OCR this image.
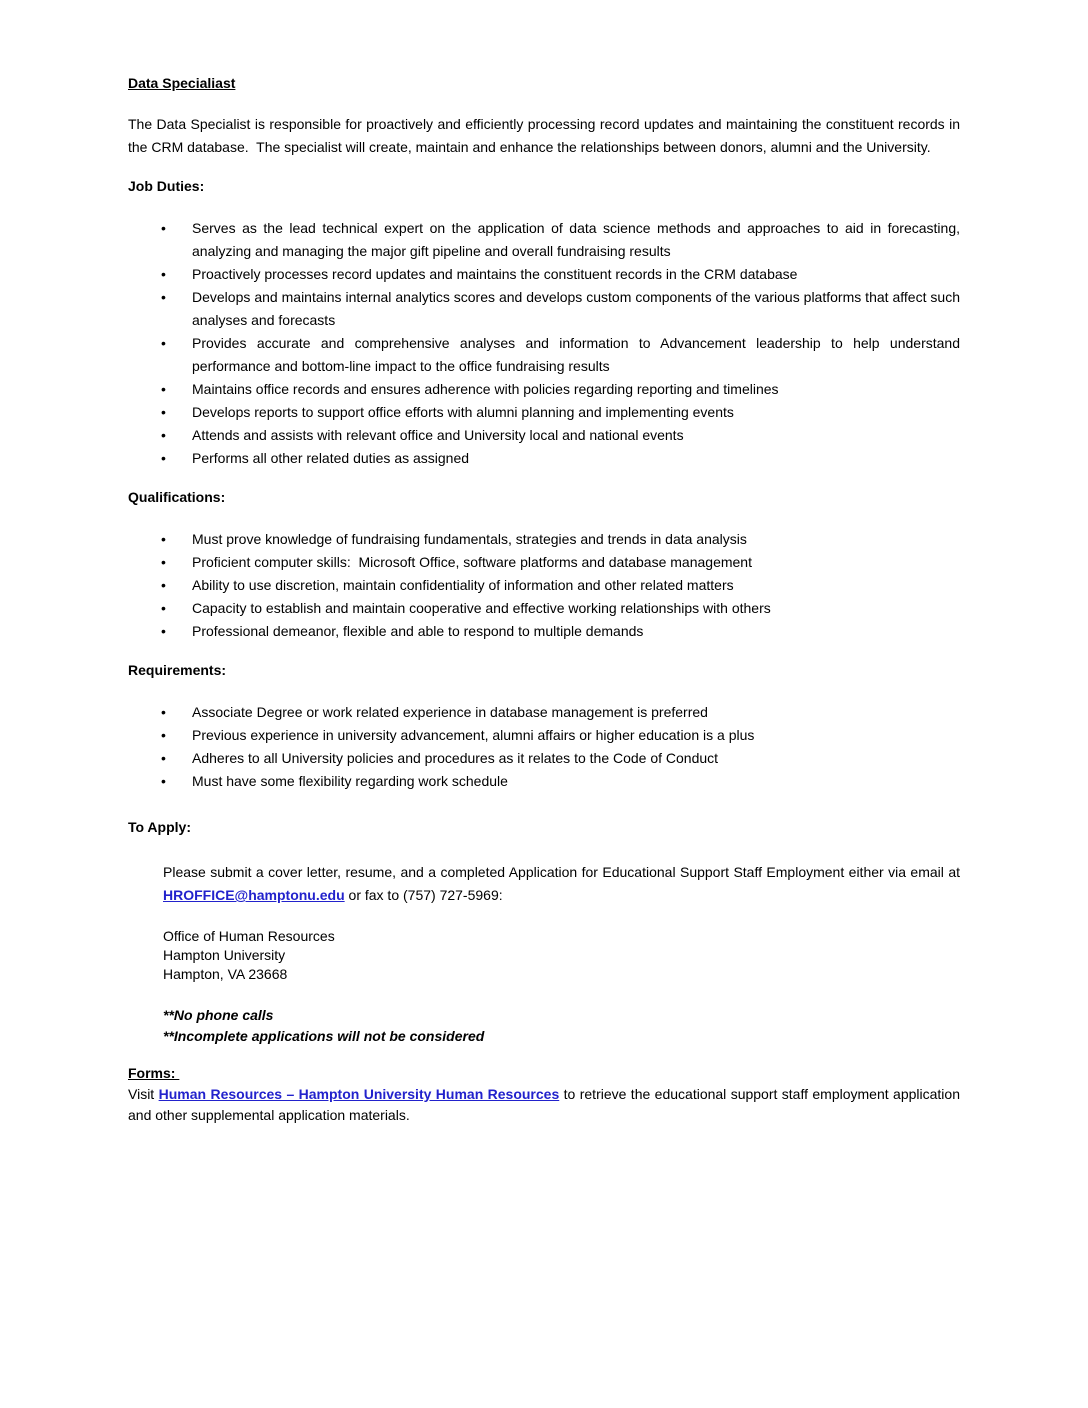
Data Specialiast

The Data Specialist is responsible for proactively and efficiently processing record updates and maintaining the constituent records in the CRM database.  The specialist will create, maintain and enhance the relationships between donors, alumni and the University.

Job Duties:
• Serves as the lead technical expert on the application of data science methods and approaches to aid in forecasting, analyzing and managing the major gift pipeline and overall fundraising results
• Proactively processes record updates and maintains the constituent records in the CRM database
• Develops and maintains internal analytics scores and develops custom components of the various platforms that affect such analyses and forecasts
• Provides accurate and comprehensive analyses and information to Advancement leadership to help understand performance and bottom-line impact to the office fundraising results
• Maintains office records and ensures adherence with policies regarding reporting and timelines
• Develops reports to support office efforts with alumni planning and implementing events
• Attends and assists with relevant office and University local and national events
• Performs all other related duties as assigned
Qualifications:
• Must prove knowledge of fundraising fundamentals, strategies and trends in data analysis
• Proficient computer skills:  Microsoft Office, software platforms and database management
• Ability to use discretion, maintain confidentiality of information and other related matters
• Capacity to establish and maintain cooperative and effective working relationships with others
• Professional demeanor, flexible and able to respond to multiple demands
Requirements:
• Associate Degree or work related experience in database management is preferred
• Previous experience in university advancement, alumni affairs or higher education is a plus
• Adheres to all University policies and procedures as it relates to the Code of Conduct
• Must have some flexibility regarding work schedule
To Apply:

Please submit a cover letter, resume, and a completed Application for Educational Support Staff Employment either via email at HROFFICE@hamptonu.edu or fax to (757) 727-5969:

Office of Human Resources
Hampton University
Hampton, VA 23668
**No phone calls
**Incomplete applications will not be considered
Forms:

Visit Human Resources – Hampton University Human Resources to retrieve the educational support staff employment application and other supplemental application materials.
